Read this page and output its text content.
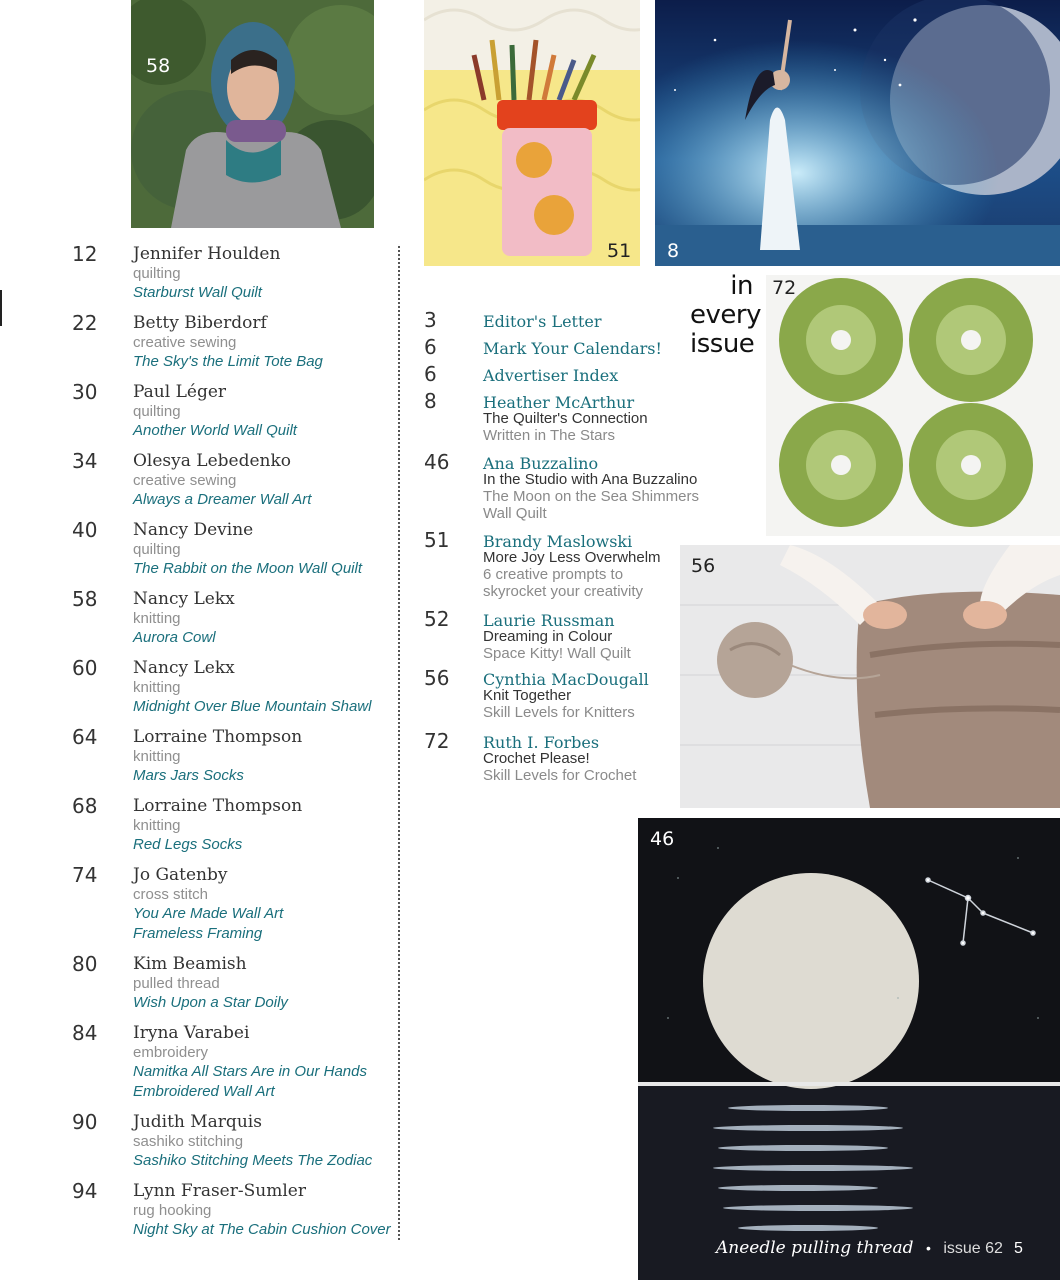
58
51 8
72
56
46
12 Jennifer Houlden
quilting
Starburst Wall Quilt
22 Betty Biberdorf
creative sewing
The Sky's the Limit Tote Bag
30 Paul Léger
quilting
Another World Wall Quilt
34 Olesya Lebedenko
creative sewing
Always a Dreamer Wall Art
40 Nancy Devine
quilting
The Rabbit on the Moon Wall Quilt
58 Nancy Lekx
knitting
Aurora Cowl
60 Nancy Lekx
knitting
Midnight Over Blue Mountain Shawl
64 Lorraine Thompson
knitting
Mars Jars Socks
68 Lorraine Thompson
knitting
Red Legs Socks
74 Jo Gatenby
cross stitch
You Are Made Wall Art
Frameless Framing
80 Kim Beamish
pulled thread
Wish Upon a Star Doily
84 Iryna Varabei
embroidery
Namitka All Stars Are in Our Hands
Embroidered Wall Art
90 Judith Marquis
sashiko stitching
Sashiko Stitching Meets The Zodiac
94 Lynn Fraser-Sumler
rug hooking
Night Sky at The Cabin Cushion Cover
in
every
issue
3	Editor's Letter
6	Mark Your Calendars!
6	Advertiser Index
8	Heather McArthur
The Quilter's Connection
Written in The Stars
46 Ana Buzzalino
In the Studio with Ana Buzzalino
The Moon on the Sea Shimmers
Wall Quilt
51 Brandy Maslowski
More Joy Less Overwhelm
6 creative prompts to
skyrocket your creativity
52 Laurie Russman
Dreaming in Colour
Space Kitty! Wall Quilt
56 Cynthia MacDougall
Knit Together
Skill Levels for Knitters
72 Ruth I. Forbes
Crochet Please!
Skill Levels for Crochet
Aneedle pulling thread • issue 62 5
